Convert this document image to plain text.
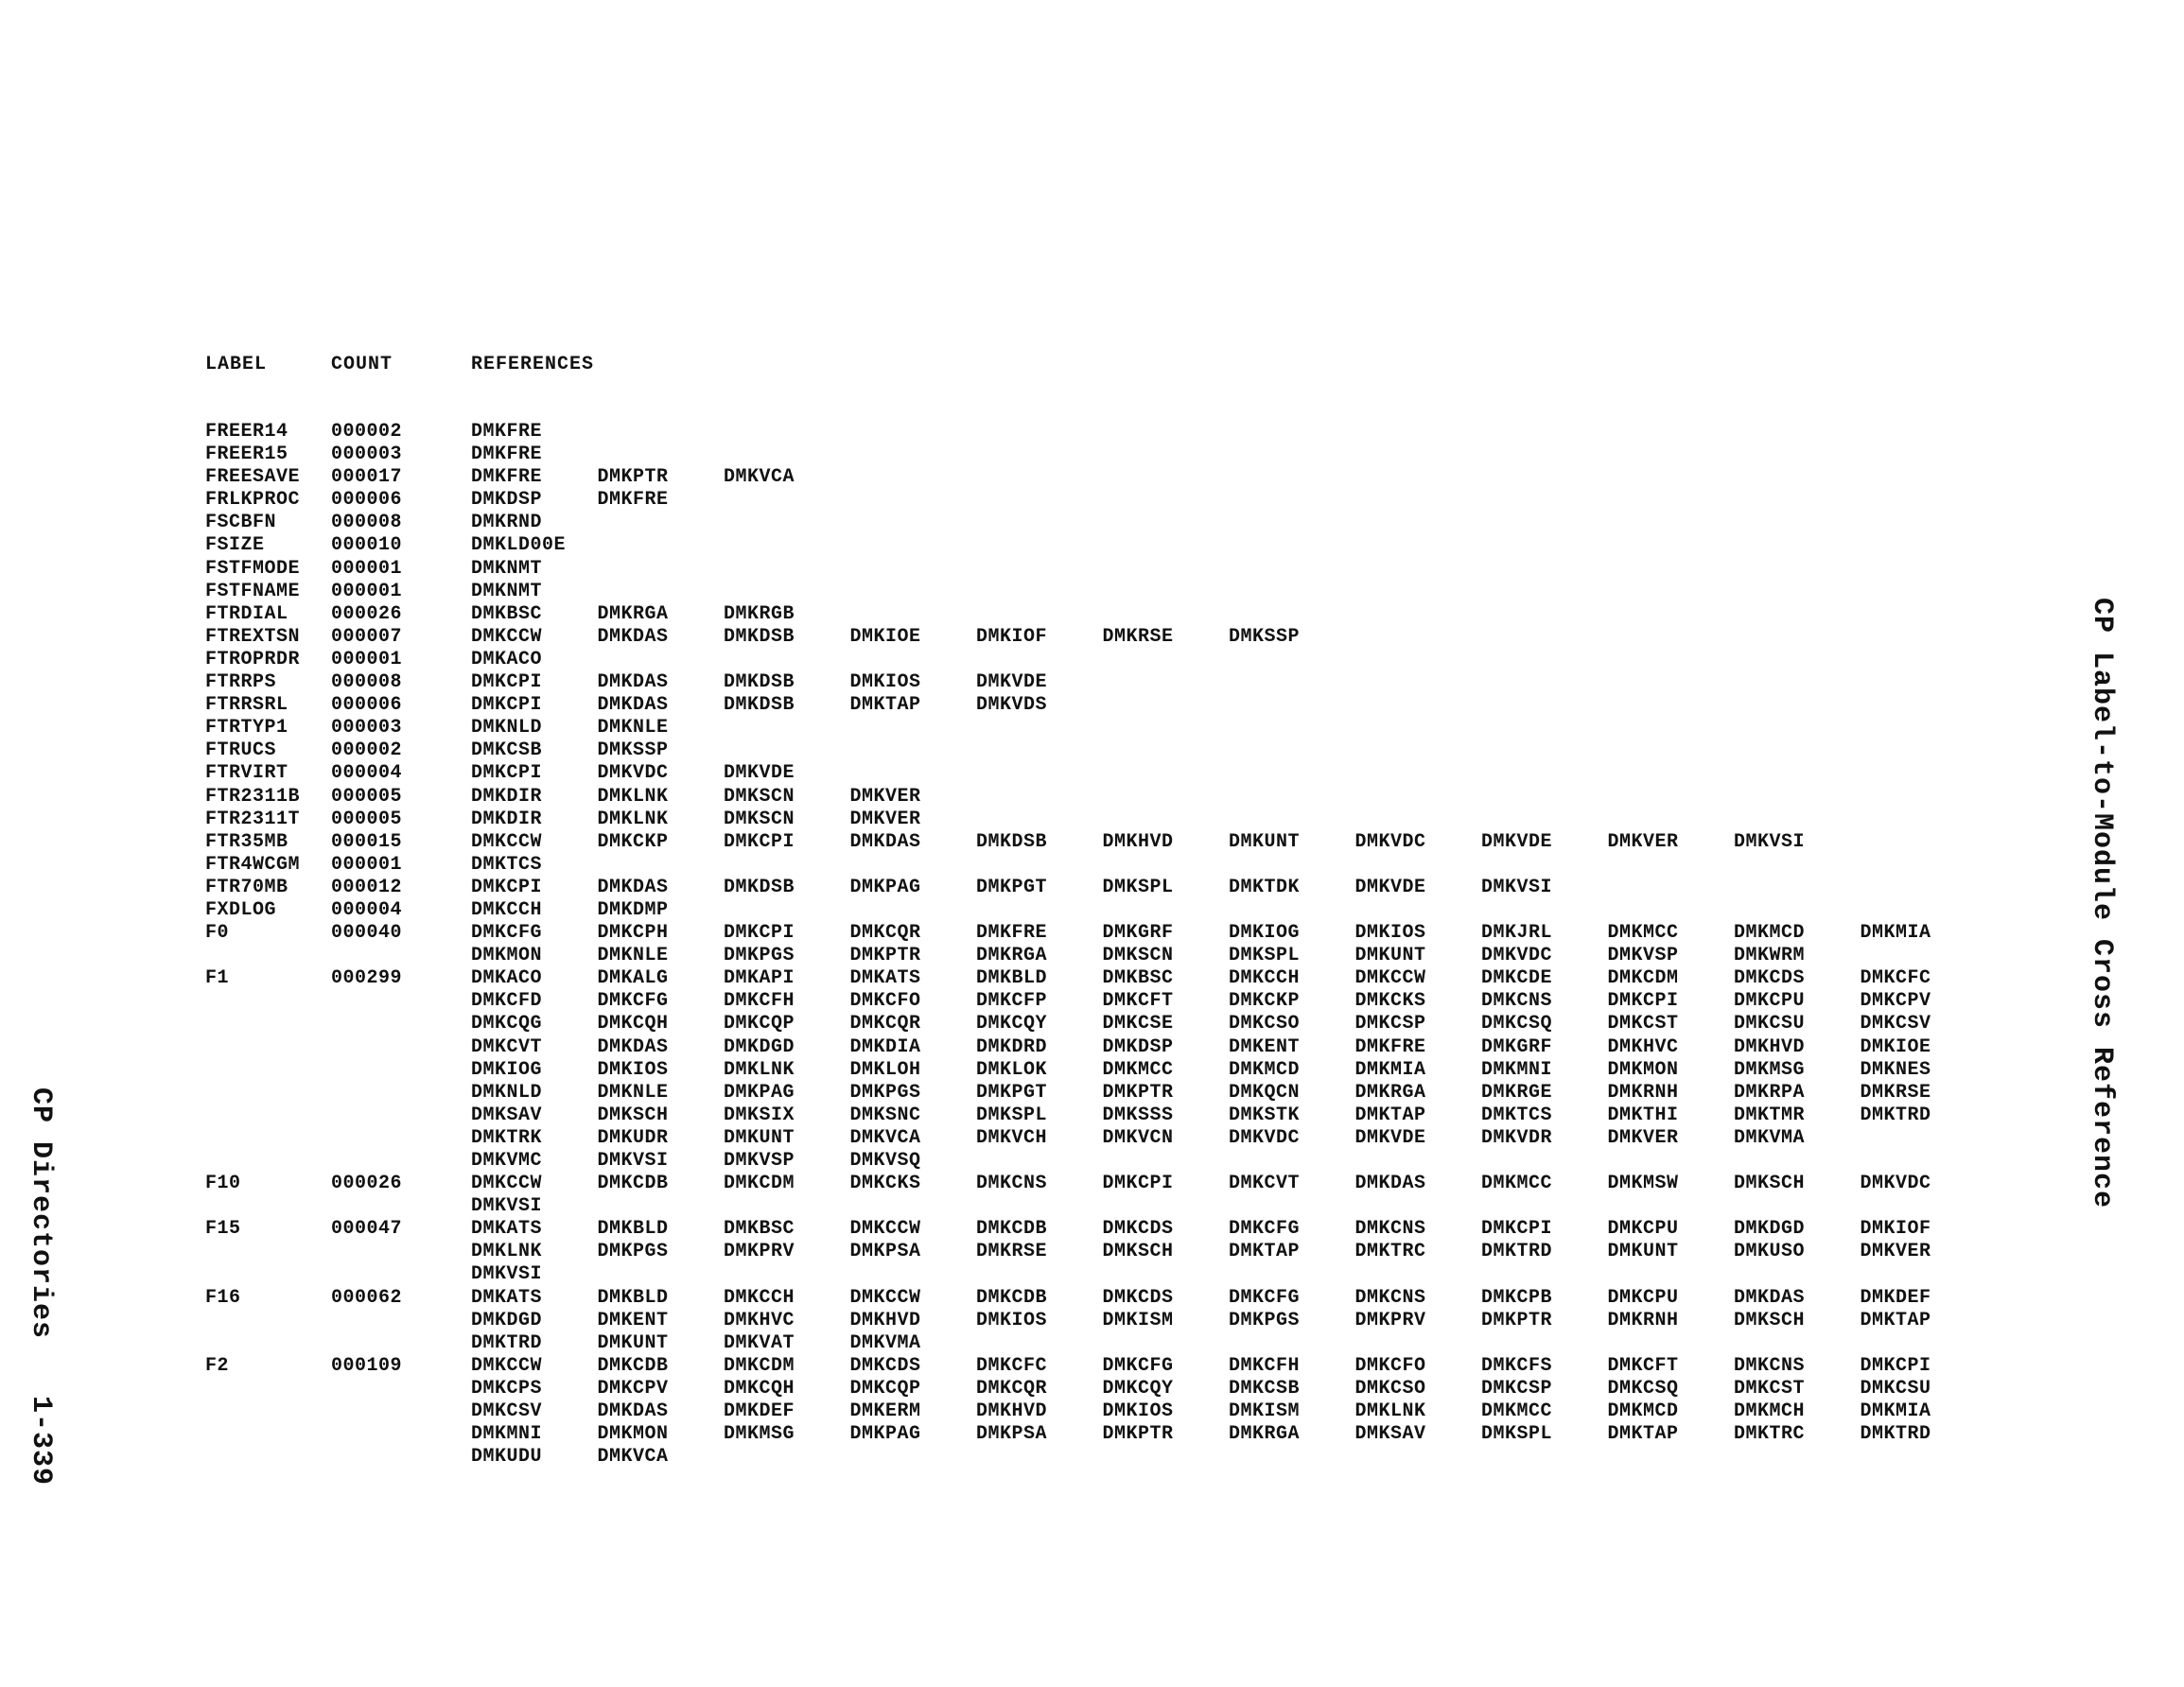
LABEL	COUNT	REFERENCES
FREER14 000002	DMKFRE
FREER15 000003	DMKFRE
FREESAVE 000017	DMKFRE	DMKPTR	DMKVCA
FRLKPROC 000006	DMKDSP	DMKFRE
FSCBFN	000008	DMKRND
FSIZE	000010	DMKLD00E
FSTFMODE 000001	DMKNMT
FSTFNAME 000001	DMKNMT
FTRDIAL 000026	DMKBSC	DMKRGA	DMKRGB
FTREXTSN 000007	DMKCCW	DMKDAS	DMKDSB	DMKIOE	DMKIOF	DMKRSE	DMKSSP
FTROPRDR 000001	DMKACO
FTRRPS	000008	DMKCPI	DMKDAS	DMKDSB	DMKIOS	DMKVDE
FTRRSRL 000006	DMKCPI	DMKDAS	DMKDSB	DMKTAP	DMKVDS
FTRTYP1 000003	DMKNLD	DMKNLE
FTRUCS	000002	DMKCSB	DMKSSP
FTRVIRT 000004	DMKCPI	DMKVDC	DMKVDE
FTR2311B 000005	DMKDIR	DMKLNK	DMKSCN	DMKVER
FTR2311T 000005	DMKDIR	DMKLNK	DMKSCN	DMKVER
FTR35MB 000015	DMKCCW	DMKCKP	DMKCPI	DMKDAS	DMKDSB	DMKHVD	DMKUNT	DMKVDC	DMKVDE	DMKVER	DMKVSI
FTR4WCGM 000001	DMKTCS
FTR70MB 000012	DMKCPI	DMKDAS	DMKDSB	DMKPAG	DMKPGT	DMKSPL	DMKTDK	DMKVDE	DMKVSI
FXDLOG	000004	DMKCCH	DMKDMP
F0	000040	DMKCFG	DMKCPH	DMKCPI	DMKCQR	DMKFRE	DMKGRF	DMKIOG	DMKIOS	DMKJRL	DMKMCC	DMKMCD	DMKMIA
DMKMON	DMKNLE	DMKPGS	DMKPTR	DMKRGA	DMKSCN	DMKSPL	DMKUNT	DMKVDC	DMKVSP	DMKWRM
F1	000299	DMKACO	DMKALG	DMKAPI	DMKATS	DMKBLD	DMKBSC	DMKCCH	DMKCCW	DMKCDE	DMKCDM	DMKCDS	DMKCFC
DMKCFD	DMKCFG	DMKCFH	DMKCFO	DMKCFP	DMKCFT	DMKCKP	DMKCKS	DMKCNS	DMKCPI	DMKCPU	DMKCPV
DMKCQG	DMKCQH	DMKCQP	DMKCQR	DMKCQY	DMKCSE	DMKCSO	DMKCSP	DMKCSQ	DMKCST	DMKCSU	DMKCSV
DMKCVT	DMKDAS	DMKDGD	DMKDIA	DMKDRD	DMKDSP	DMKENT	DMKFRE	DMKGRF	DMKHVC	DMKHVD	DMKIOE
DMKIOG	DMKIOS	DMKLNK	DMKLOH	DMKLOK	DMKMCC	DMKMCD	DMKMIA	DMKMNI	DMKMON	DMKMSG	DMKNES
DMKNLD	DMKNLE	DMKPAG	DMKPGS	DMKPGT	DMKPTR	DMKQCN	DMKRGA	DMKRGE	DMKRNH	DMKRPA	DMKRSE
DMKSAV	DMKSCH	DMKSIX	DMKSNC	DMKSPL	DMKSSS	DMKSTK	DMKTAP	DMKTCS	DMKTHI	DMKTMR	DMKTRD
DMKTRK	DMKUDR	DMKUNT	DMKVCA	DMKVCH	DMKVCN	DMKVDC	DMKVDE	DMKVDR	DMKVER	DMKVMA
DMKVMC	DMKVSI	DMKVSP	DMKVSQ
F10	000026	DMKCCW	DMKCDB	DMKCDM	DMKCKS	DMKCNS	DMKCPI	DMKCVT	DMKDAS	DMKMCC	DMKMSW	DMKSCH	DMKVDC
DMKVSI
F15	000047	DMKATS	DMKBLD	DMKBSC	DMKCCW	DMKCDB	DMKCDS	DMKCFG	DMKCNS	DMKCPI	DMKCPU	DMKDGD	DMKIOF
DMKLNK	DMKPGS	DMKPRV	DMKPSA	DMKRSE	DMKSCH	DMKTAP	DMKTRC	DMKTRD	DMKUNT	DMKUSO	DMKVER
DMKVSI
F16	000062	DMKATS	DMKBLD	DMKCCH	DMKCCW	DMKCDB	DMKCDS	DMKCFG	DMKCNS	DMKCPB	DMKCPU	DMKDAS	DMKDEF
DMKDGD	DMKENT	DMKHVC	DMKHVD	DMKIOS	DMKISM	DMKPGS	DMKPRV	DMKPTR	DMKRNH	DMKSCH	DMKTAP
DMKTRD	DMKUNT	DMKVAT	DMKVMA
F2	000109	DMKCCW	DMKCDB	DMKCDM	DMKCDS	DMKCFC	DMKCFG	DMKCFH	DMKCFO	DMKCFS	DMKCFT	DMKCNS	DMKCPI
DMKCPS	DMKCPV	DMKCQH	DMKCQP	DMKCQR	DMKCQY	DMKCSB	DMKCSO	DMKCSP	DMKCSQ	DMKCST	DMKCSU
DMKCSV	DMKDAS	DMKDEF	DMKERM	DMKHVD	DMKIOS	DMKISM	DMKLNK	DMKMCC	DMKMCD	DMKMCH	DMKMIA
DMKMNI	DMKMON	DMKMSG	DMKPAG	DMKPSA	DMKPTR	DMKRGA	DMKSAV	DMKSPL	DMKTAP	DMKTRC	DMKTRD
DMKUDU	DMKVCA
CP Directories1-339
CP Label-to-Module Cross Reference
